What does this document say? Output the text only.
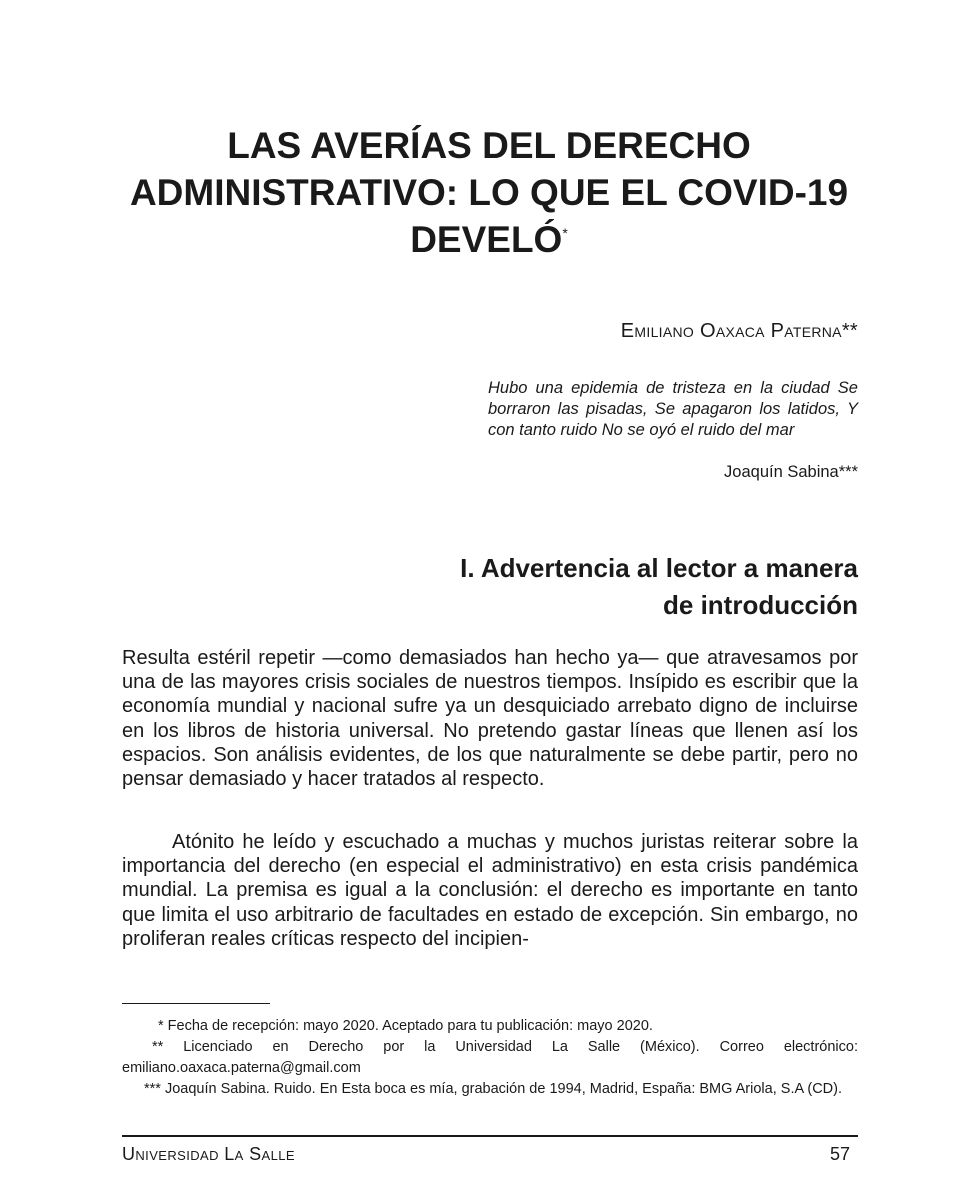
LAS AVERÍAS DEL DERECHO
ADMINISTRATIVO: LO QUE EL COVID-19
DEVELÓ*

Emiliano Oaxaca Paterna**

Hubo una epidemia de tristeza en la ciudad Se borraron las pisadas, Se apagaron los latidos, Y con tanto ruido No se oyó el ruido del mar

Joaquín Sabina***

I. Advertencia al lector a manera
de introducción

Resulta estéril repetir —como demasiados han hecho ya— que atravesamos por una de las mayores crisis sociales de nuestros tiempos. Insípido es escribir que la economía mundial y nacional sufre ya un desquiciado arrebato digno de incluirse en los libros de historia universal. No pretendo gastar líneas que llenen así los espacios. Son análisis evidentes, de los que naturalmente se debe partir, pero no pensar demasiado y hacer tratados al respecto.

Atónito he leído y escuchado a muchas y muchos juristas reiterar sobre la importancia del derecho (en especial el administrativo) en esta crisis pandémica mundial. La premisa es igual a la conclusión: el derecho es importante en tanto que limita el uso arbitrario de facultades en estado de excepción. Sin embargo, no proliferan reales críticas respecto del incipien-

* Fecha de recepción: mayo 2020. Aceptado para tu publicación: mayo 2020.

** Licenciado en Derecho por la Universidad La Salle (México). Correo electrónico: emiliano.oaxaca.paterna@gmail.com

*** Joaquín Sabina. Ruido. En Esta boca es mía, grabación de 1994, Madrid, España: BMG Ariola, S.A (CD).

Universidad La Salle	57
